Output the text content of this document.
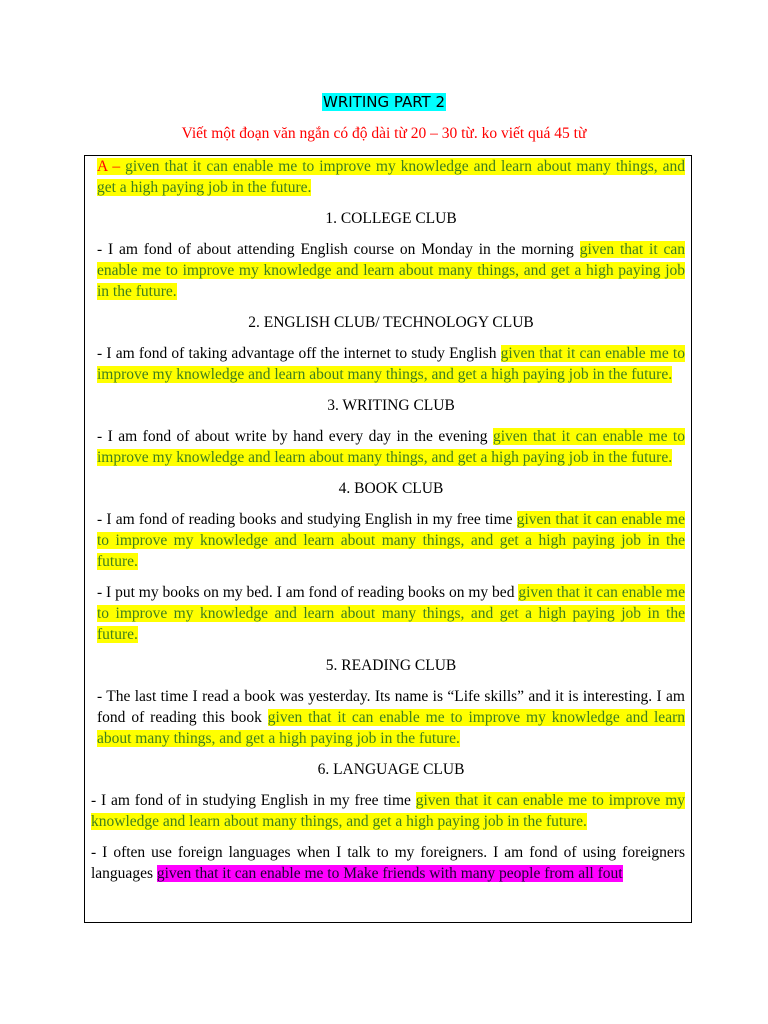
WRITING PART 2
Viết một đoạn văn ngắn có độ dài từ 20 – 30 từ. ko viết quá 45 từ

A – given that it can enable me to improve my knowledge and learn about many things, and get a high paying job in the future.

1. COLLEGE CLUB

- I am fond of about attending English course on Monday in the morning given that it can enable me to improve my knowledge and learn about many things, and get a high paying job in the future.

2. ENGLISH CLUB/ TECHNOLOGY CLUB

- I am fond of taking advantage off the internet to study English given that it can enable me to improve my knowledge and learn about many things, and get a high paying job in the future.

3. WRITING CLUB

- I am fond of about write by hand every day in the evening given that it can enable me to improve my knowledge and learn about many things, and get a high paying job in the future.

4. BOOK CLUB

- I am fond of reading books and studying English in my free time given that it can enable me to improve my knowledge and learn about many things, and get a high paying job in the future.

- I put my books on my bed. I am fond of reading books on my bed given that it can enable me to improve my knowledge and learn about many things, and get a high paying job in the future.

5. READING CLUB

- The last time I read a book was yesterday. Its name is “Life skills” and it is interesting. I am fond of reading this book given that it can enable me to improve my knowledge and learn about many things, and get a high paying job in the future.

6. LANGUAGE CLUB

- I am fond of in studying English in my free time given that it can enable me to improve my knowledge and learn about many things, and get a high paying job in the future.

- I often use foreign languages when I talk to my foreigners. I am fond of using foreigners languages given that it can enable me to Make friends with many people from all fout
